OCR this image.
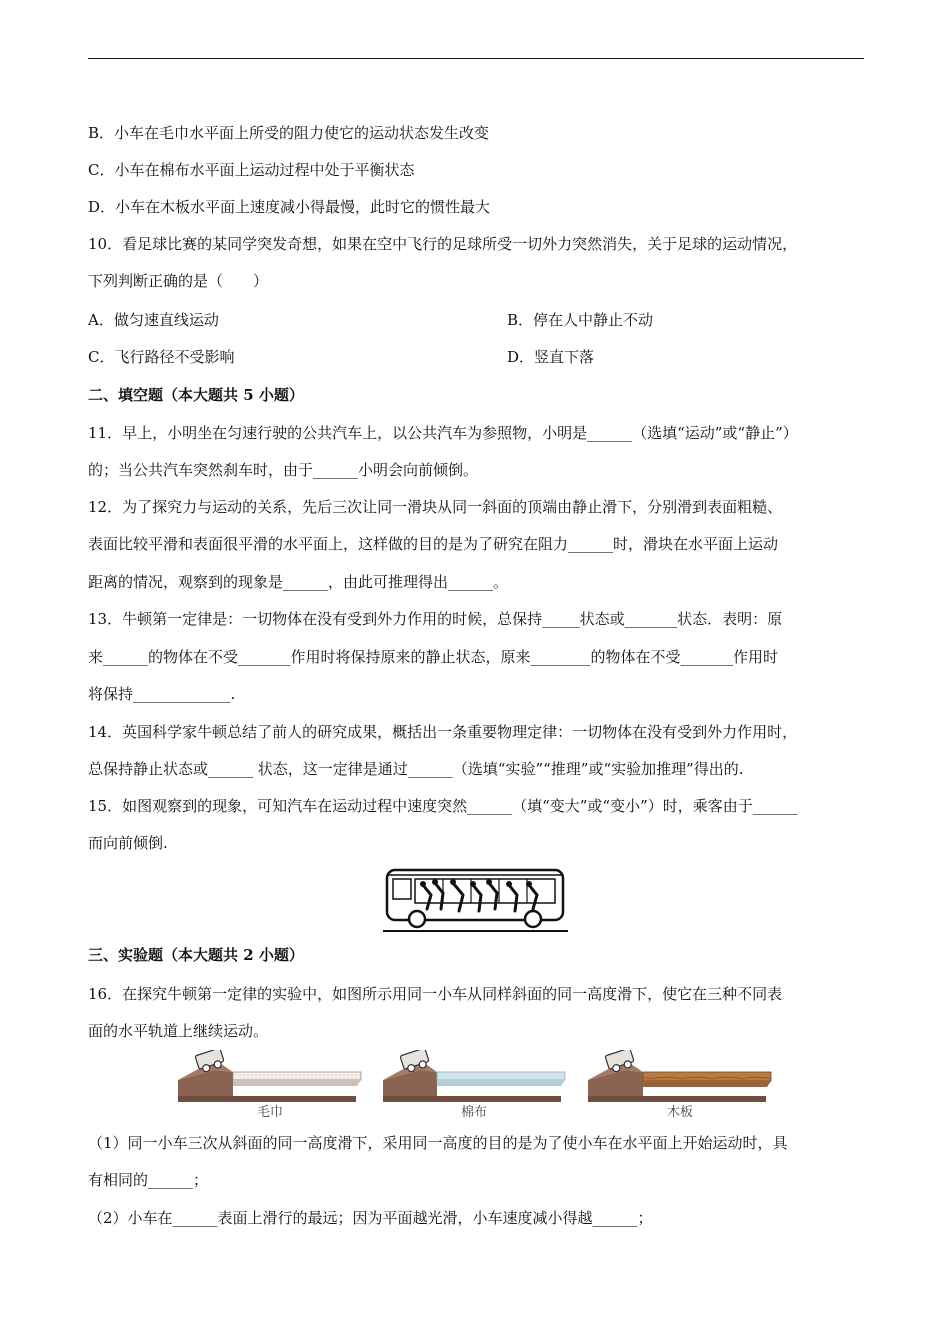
B．小车在毛巾水平面上所受的阻力使它的运动状态发生改变
C．小车在棉布水平面上运动过程中处于平衡状态
D．小车在木板水平面上速度减小得最慢，此时它的惯性最大
10．看足球比赛的某同学突发奇想，如果在空中飞行的足球所受一切外力突然消失，关于足球的运动情况，
下列判断正确的是（　　）
A．做匀速直线运动	B．停在人中静止不动
C．飞行路径不受影响	D．竖直下落
二、填空题（本大题共 5 小题）
11．早上，小明坐在匀速行驶的公共汽车上，以公共汽车为参照物，小明是______（选填“运动”或“静止”）
的；当公共汽车突然刹车时，由于______小明会向前倾倒。
12．为了探究力与运动的关系，先后三次让同一滑块从同一斜面的顶端由静止滑下，分别滑到表面粗糙、
表面比较平滑和表面很平滑的水平面上，这样做的目的是为了研究在阻力______时，滑块在水平面上运动
距离的情况，观察到的现象是______，由此可推理得出______。
13．牛顿第一定律是：一切物体在没有受到外力作用的时候，总保持_____状态或_______状态．表明：原
来______的物体在不受_______作用时将保持原来的静止状态，原来________的物体在不受_______作用时
将保持_____________.
14．英国科学家牛顿总结了前人的研究成果，概括出一条重要物理定律：一切物体在没有受到外力作用时，
总保持静止状态或______ 状态，这一定律是通过______（选填“实验”“推理”或“实验加推理”得出的.
15．如图观察到的现象，可知汽车在运动过程中速度突然______（填“变大”或“变小”）时，乘客由于______
而向前倾倒.
三、实验题（本大题共 2 小题）
16．在探究牛顿第一定律的实验中，如图所示用同一小车从同样斜面的同一高度滑下，使它在三种不同表
面的水平轨道上继续运动。
毛巾	棉布	木板
（1）同一小车三次从斜面的同一高度滑下，采用同一高度的目的是为了使小车在水平面上开始运动时，具
有相同的______；
（2）小车在______表面上滑行的最远；因为平面越光滑，小车速度减小得越______；
